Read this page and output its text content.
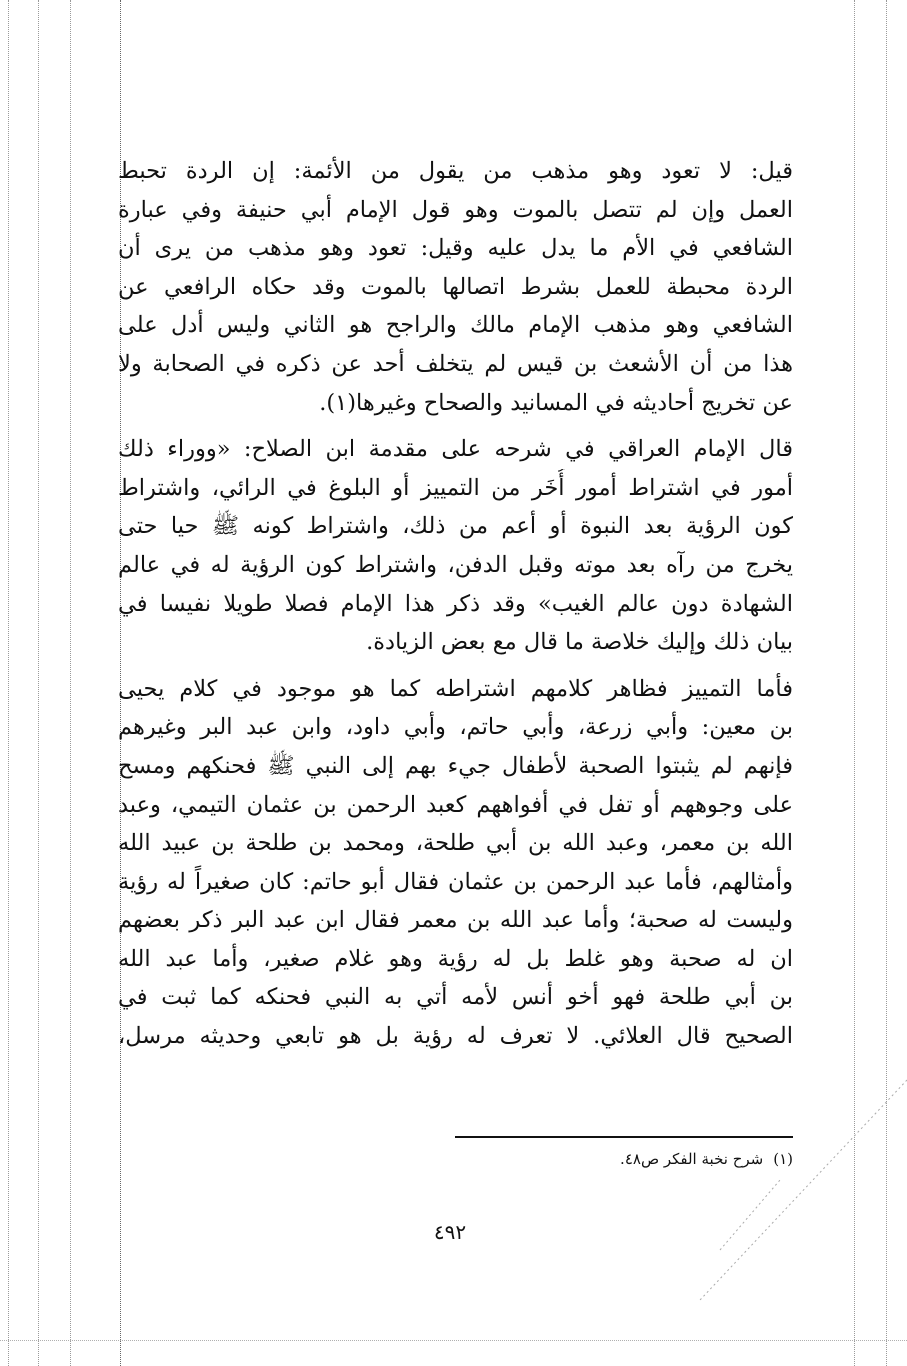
قيل: لا تعود وهو مذهب من يقول من الأئمة: إن الردة تحبط
العمل وإن لم تتصل بالموت وهو قول الإمام أبي حنيفة وفي عبارة
الشافعي في الأم ما يدل عليه وقيل: تعود وهو مذهب من يرى أن
الردة محبطة للعمل بشرط اتصالها بالموت وقد حكاه الرافعي عن
الشافعي وهو مذهب الإمام مالك والراجح هو الثاني وليس أدل على
هذا من أن الأشعث بن قيس لم يتخلف أحد عن ذكره في الصحابة ولا
عن تخريج أحاديثه في المسانيد والصحاح وغيرها(١).

قال الإمام العراقي في شرحه على مقدمة ابن الصلاح: «ووراء ذلك
أمور في اشتراط أمور أُخَر من التمييز أو البلوغ في الرائي، واشتراط
كون الرؤية بعد النبوة أو أعم من ذلك، واشتراط كونه ﷺ حيا حتى
يخرج من رآه بعد موته وقبل الدفن، واشتراط كون الرؤية له في عالم
الشهادة دون عالم الغيب» وقد ذكر هذا الإمام فصلا طويلا نفيسا في
بيان ذلك وإليك خلاصة ما قال مع بعض الزيادة.

فأما التمييز فظاهر كلامهم اشتراطه كما هو موجود في كلام يحيى
بن معين: وأبي زرعة، وأبي حاتم، وأبي داود، وابن عبد البر وغيرهم
فإنهم لم يثبتوا الصحبة لأطفال جيء بهم إلى النبي ﷺ فحنكهم ومسح
على وجوههم أو تفل في أفواههم كعبد الرحمن بن عثمان التيمي، وعبد
الله بن معمر، وعبد الله بن أبي طلحة، ومحمد بن طلحة بن عبيد الله
وأمثالهم، فأما عبد الرحمن بن عثمان فقال أبو حاتم: كان صغيراً له رؤية
وليست له صحبة؛ وأما عبد الله بن معمر فقال ابن عبد البر ذكر بعضهم
ان له صحبة وهو غلط بل له رؤية وهو غلام صغير، وأما عبد الله
بن أبي طلحة فهو أخو أنس لأمه أتي به النبي فحنكه كما ثبت في
الصحيح قال العلائي. لا تعرف له رؤية بل هو تابعي وحديثه مرسل،

(١)شرح نخبة الفكر ص٤٨.
٤٩٢
